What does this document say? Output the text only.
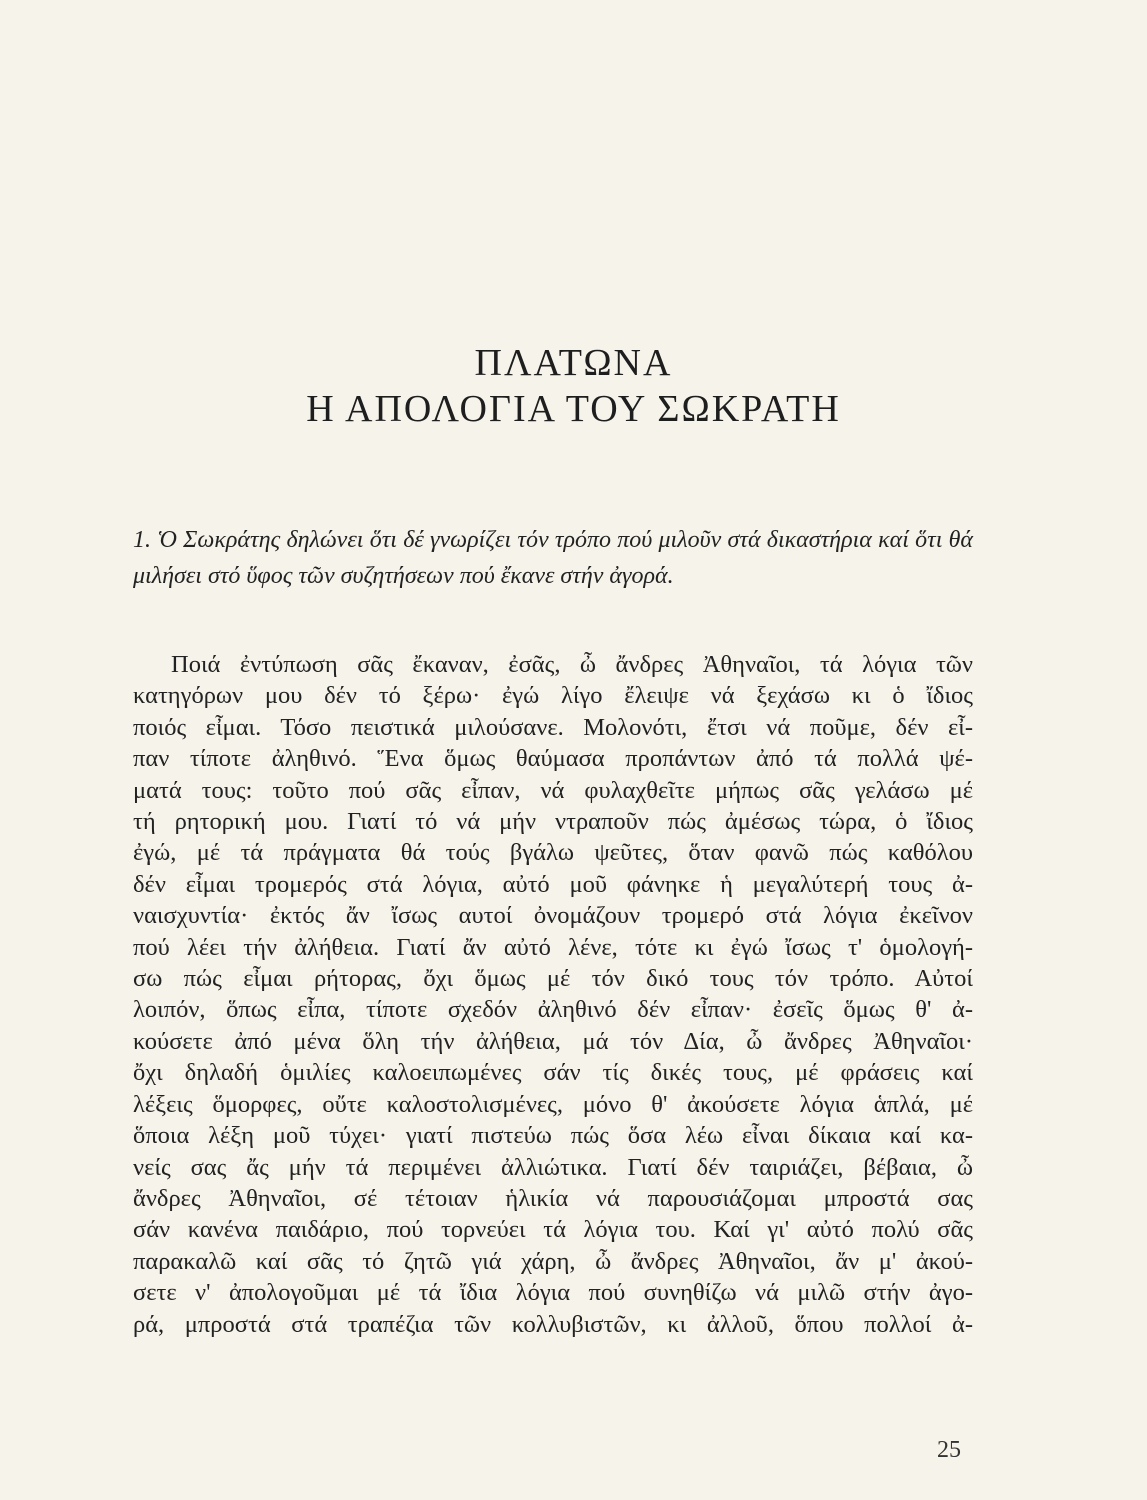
ΠΛΑΤΩΝΑ
Η ΑΠΟΛΟΓΙΑ ΤΟΥ ΣΩΚΡΑΤΗ
1. Ὁ Σωκράτης δηλώνει ὅτι δέ γνωρίζει τόν τρόπο πού μιλοῦν στά δικαστήρια καί ὅτι θά μιλήσει στό ὕφος τῶν συζητήσεων πού ἔκανε στήν ἀγορά.
Ποιά ἐντύπωση σᾶς ἔκαναν, ἐσᾶς, ὦ ἄνδρες Ἀθηναῖοι, τά λόγια τῶν
κατηγόρων μου δέν τό ξέρω· ἐγώ λίγο ἔλειψε νά ξεχάσω κι ὁ ἴδιος
ποιός εἶμαι. Τόσο πειστικά μιλούσανε. Μολονότι, ἔτσι νά ποῦμε, δέν εἶ-
παν τίποτε ἀληθινό. Ἕνα ὅμως θαύμασα προπάντων ἀπό τά πολλά ψέ-
ματά τους: τοῦτο πού σᾶς εἶπαν, νά φυλαχθεῖτε μήπως σᾶς γελάσω μέ
τή ρητορική μου. Γιατί τό νά μήν ντραποῦν πώς ἀμέσως τώρα, ὁ ἴδιος
ἐγώ, μέ τά πράγματα θά τούς βγάλω ψεῦτες, ὅταν φανῶ πώς καθόλου
δέν εἶμαι τρομερός στά λόγια, αὐτό μοῦ φάνηκε ἡ μεγαλύτερή τους ἀ-
ναισχυντία· ἐκτός ἄν ἴσως αυτοί ὀνομάζουν τρομερό στά λόγια ἐκεῖνον
πού λέει τήν ἀλήθεια. Γιατί ἄν αὐτό λένε, τότε κι ἐγώ ἴσως τ' ὁμολογή-
σω πώς εἶμαι ρήτορας, ὄχι ὅμως μέ τόν δικό τους τόν τρόπο. Αὐτοί
λοιπόν, ὅπως εἶπα, τίποτε σχεδόν ἀληθινό δέν εἶπαν· ἐσεῖς ὅμως θ' ἀ-
κούσετε ἀπό μένα ὅλη τήν ἀλήθεια, μά τόν Δία, ὦ ἄνδρες Ἀθηναῖοι·
ὄχι δηλαδή ὁμιλίες καλοειπωμένες σάν τίς δικές τους, μέ φράσεις καί
λέξεις ὅμορφες, οὔτε καλοστολισμένες, μόνο θ' ἀκούσετε λόγια ἁπλά, μέ
ὅποια λέξη μοῦ τύχει· γιατί πιστεύω πώς ὅσα λέω εἶναι δίκαια καί κα-
νείς σας ἄς μήν τά περιμένει ἀλλιώτικα. Γιατί δέν ταιριάζει, βέβαια, ὦ
ἄνδρες Ἀθηναῖοι, σέ τέτοιαν ἡλικία νά παρουσιάζομαι μπροστά σας
σάν κανένα παιδάριο, πού τορνεύει τά λόγια του. Καί γι' αὐτό πολύ σᾶς
παρακαλῶ καί σᾶς τό ζητῶ γιά χάρη, ὦ ἄνδρες Ἀθηναῖοι, ἄν μ' ἀκού-
σετε ν' ἀπολογοῦμαι μέ τά ἴδια λόγια πού συνηθίζω νά μιλῶ στήν ἀγο-
ρά, μπροστά στά τραπέζια τῶν κολλυβιστῶν, κι ἀλλοῦ, ὅπου πολλοί ἀ-
25
